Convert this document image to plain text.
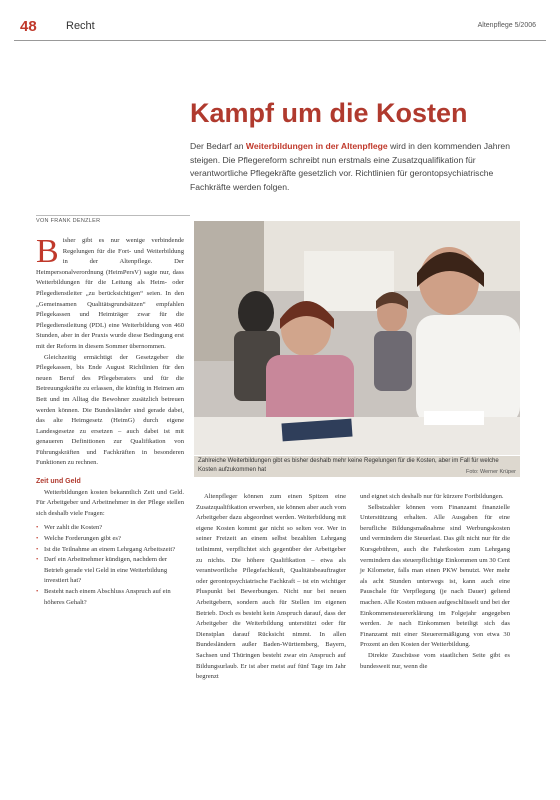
48	Recht	Altenpflege 5/2006
Kampf um die Kosten
Der Bedarf an Weiterbildungen in der Altenpflege wird in den kommenden Jahren steigen. Die Pflegereform schreibt nun erstmals eine Zusatzqualifikation für verantwortliche Pflegekräfte gesetzlich vor. Richtlinien für gerontopsychiatrische Fachkräfte werden folgen.
VON FRANK DENZLER

Bisher gibt es nur wenige verbindende Regelungen für die Fort- und Weiterbildung in der Altenpflege. Der Heimpersonalverordnung (HeimPersV) sagte nur, dass Weiterbildungen für die Leitung als Heim- oder Pflegedienstleiter „zu berücksichtigen“ seien. In den „Gemeinsamen Qualitätsgrundsätzen“ empfahlen Pflegekassen und Heimträger zwar für die Pflegedienstleitung (PDL) eine Weiterbildung von 460 Stunden, aber in der Praxis wurde diese Bedingung erst mit der Reform in diesem Sommer übernommen.

Gleichzeitig ermächtigt der Gesetzgeber die Pflegekassen, bis Ende August Richtlinien für den neuen Beruf des Pflegeberaters und für die Betreuungskräfte zu erlassen, die künftig in Heimen am Bett und im Alltag die Bewohner zusätzlich betreuen werden können. Die Bundesländer sind gerade dabei, das alte Heimgesetz (HeimG) durch eigene Landesgesetze zu ersetzen – auch dabei ist mit genaueren Definitionen zur Qualifikation von Führungskräften und Fachkräften in besonderen Funktionen zu rechnen.

Zeit und Geld

Weiterbildungen kosten bekanntlich Zeit und Geld. Für Arbeitgeber und Arbeitnehmer in der Pflege stellen sich deshalb viele Fragen:

• Wer zahlt die Kosten?
• Welche Forderungen gibt es?
• Ist die Teilnahme an einem Lehrgang Arbeitszeit?
• Darf ein Arbeitnehmer kündigen, nachdem der Betrieb gerade viel Geld in eine Weiterbildung investiert hat?
• Besteht nach einem Abschluss Anspruch auf ein höheres Gehalt?
Zahlreiche Weiterbildungen gibt es bisher deshalb mehr keine Regelungen für die Kosten, aber im Fall für welche Kosten aufzukommen hat	Foto: Werner Krüper

Altenpfleger können zum einen Spitzen eine Zusatzqualifikation erwerben, sie können aber auch vom Arbeitgeber dazu abgeordnet werden. Weiterbildung mit eigene Kosten kommt gar nicht so selten vor. Wer in seiner Freizeit an einem selbst bezahlten Lehrgang teilnimmt, verpflichtet sich gegenüber der Arbeitgeber zu nichts. Die höhere Qualifikation – etwa als verantwortliche Pflegefachkraft, Qualitätsbeauftragter oder gerontopsychiatrische Fachkraft – ist ein wichtiger Pluspunkt bei Bewerbungen. Nicht nur bei neuen Arbeitgebern, sondern auch für Stellen im eigenen Betrieb. Doch es besteht kein Anspruch darauf, dass der Arbeitgeber die Weiterbildung unterstützt oder für Dienstplan darauf Rücksicht nimmt. In allen Bundesländern außer Baden-Württemberg, Bayern, Sachsen und Thüringen besteht zwar ein Anspruch auf Bildungsurlaub. Er ist aber meist auf fünf Tage im Jahr begrenzt

und eignet sich deshalb nur für kürzere Fortbildungen.

Selbstzahler können vom Finanzamt finanzielle Unterstützung erhalten. Alle Ausgaben für eine berufliche Bildungsmaßnahme sind Werbungskosten und vermindern die Steuerlast. Das gilt nicht nur für die Kursgebühren, auch die Fahrtkosten zum Lehrgang vermindern das steuerpflichtige Einkommen um 30 Cent je Kilometer, falls man einen PKW benutzt. Wer mehr als acht Stunden unterwegs ist, kann auch eine Pauschale für Verpflegung (je nach Dauer) geltend machen. Alle Kosten müssen aufgeschlüsselt und bei der Einkommensteuererklärung im Folgejahr angegeben werden. Je nach Einkommen beteiligt sich das Finanzamt mit einer Steuerermäßigung von etwa 30 Prozent an den Kosten der Weiterbildung.

Direkte Zuschüsse vom staatlichen Seite gibt es bundesweit nur, wenn die
